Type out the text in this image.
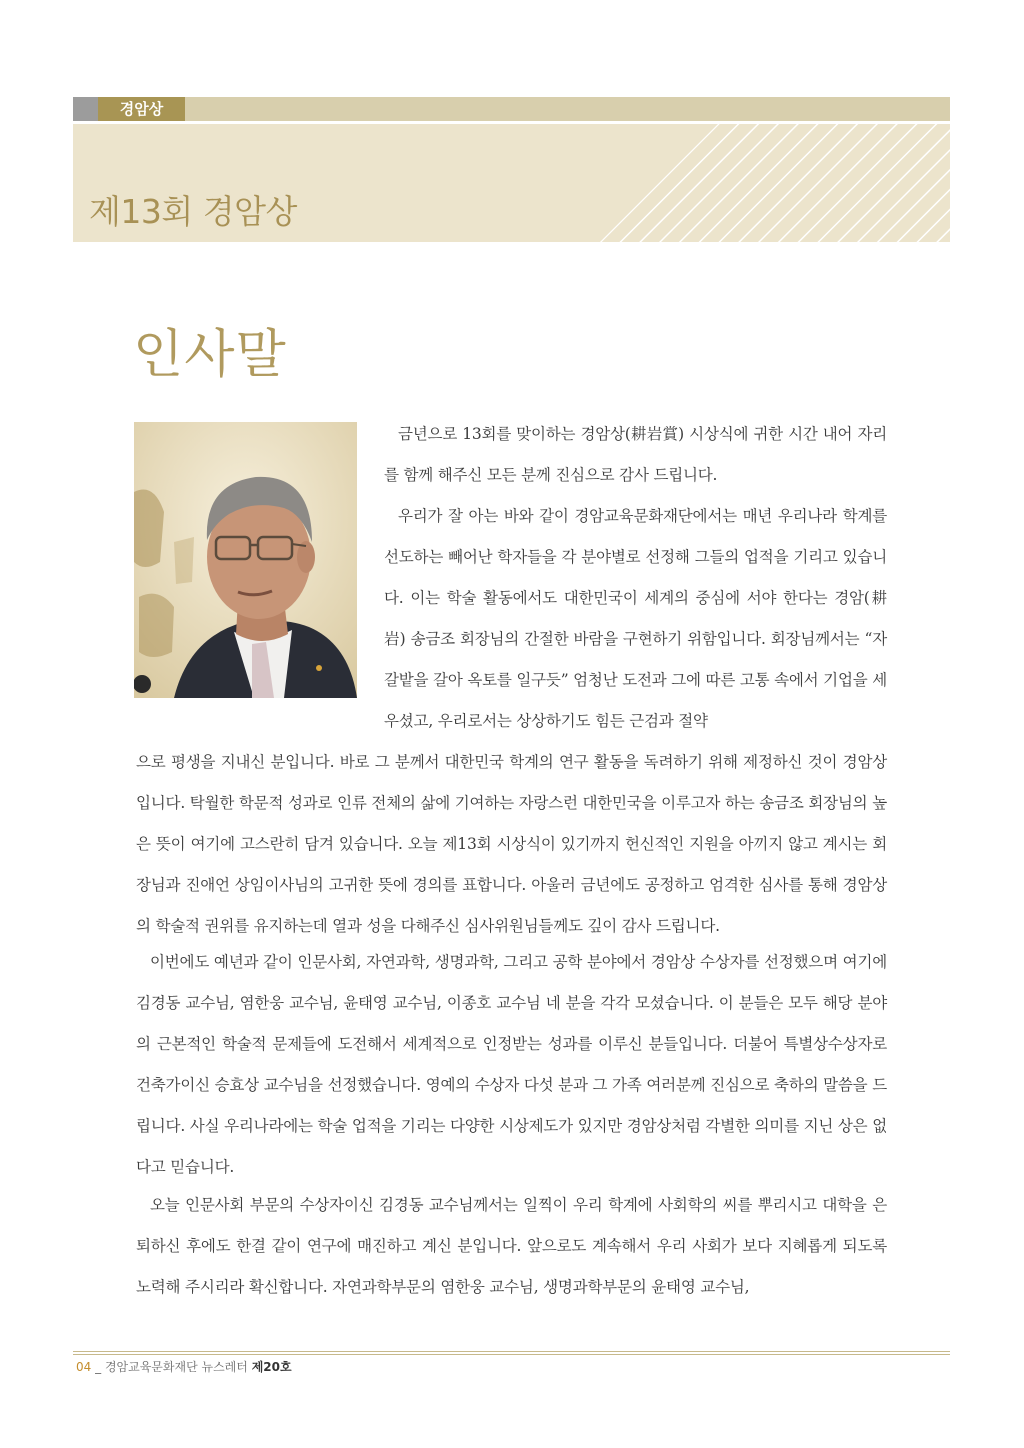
경암상
제13회 경암상
인사말

금년으로 13회를 맞이하는 경암상(耕岩賞) 시상식에 귀한 시간 내어 자리를 함께 해주신 모든 분께 진심으로 감사 드립니다.

우리가 잘 아는 바와 같이 경암교육문화재단에서는 매년 우리나라 학계를 선도하는 빼어난 학자들을 각 분야별로 선정해 그들의 업적을 기리고 있습니다. 이는 학술 활동에서도 대한민국이 세계의 중심에 서야 한다는 경암(耕岩) 송금조 회장님의 간절한 바람을 구현하기 위함입니다. 회장님께서는 “자갈밭을 갈아 옥토를 일구듯” 엄청난 도전과 그에 따른 고통 속에서 기업을 세우셨고, 우리로서는 상상하기도 힘든 근검과 절약

으로 평생을 지내신 분입니다. 바로 그 분께서 대한민국 학계의 연구 활동을 독려하기 위해 제정하신 것이 경암상입니다. 탁월한 학문적 성과로 인류 전체의 삶에 기여하는 자랑스런 대한민국을 이루고자 하는 송금조 회장님의 높은 뜻이 여기에 고스란히 담겨 있습니다. 오늘 제13회 시상식이 있기까지 헌신적인 지원을 아끼지 않고 계시는 회장님과 진애언 상임이사님의 고귀한 뜻에 경의를 표합니다. 아울러 금년에도 공정하고 엄격한 심사를 통해 경암상의 학술적 권위를 유지하는데 열과 성을 다해주신 심사위원님들께도 깊이 감사 드립니다.

이번에도 예년과 같이 인문사회, 자연과학, 생명과학, 그리고 공학 분야에서 경암상 수상자를 선정했으며 여기에 김경동 교수님, 염한웅 교수님, 윤태영 교수님, 이종호 교수님 네 분을 각각 모셨습니다. 이 분들은 모두 해당 분야의 근본적인 학술적 문제들에 도전해서 세계적으로 인정받는 성과를 이루신 분들입니다. 더불어 특별상수상자로 건축가이신 승효상 교수님을 선정했습니다. 영예의 수상자 다섯 분과 그 가족 여러분께 진심으로 축하의 말씀을 드립니다. 사실 우리나라에는 학술 업적을 기리는 다양한 시상제도가 있지만 경암상처럼 각별한 의미를 지닌 상은 없다고 믿습니다.

오늘 인문사회 부문의 수상자이신 김경동 교수님께서는 일찍이 우리 학계에 사회학의 씨를 뿌리시고 대학을 은퇴하신 후에도 한결 같이 연구에 매진하고 계신 분입니다. 앞으로도 계속해서 우리 사회가 보다 지혜롭게 되도록 노력해 주시리라 확신합니다. 자연과학부문의 염한웅 교수님, 생명과학부문의 윤태영 교수님,

04 _ 경암교육문화재단 뉴스레터 제20호
